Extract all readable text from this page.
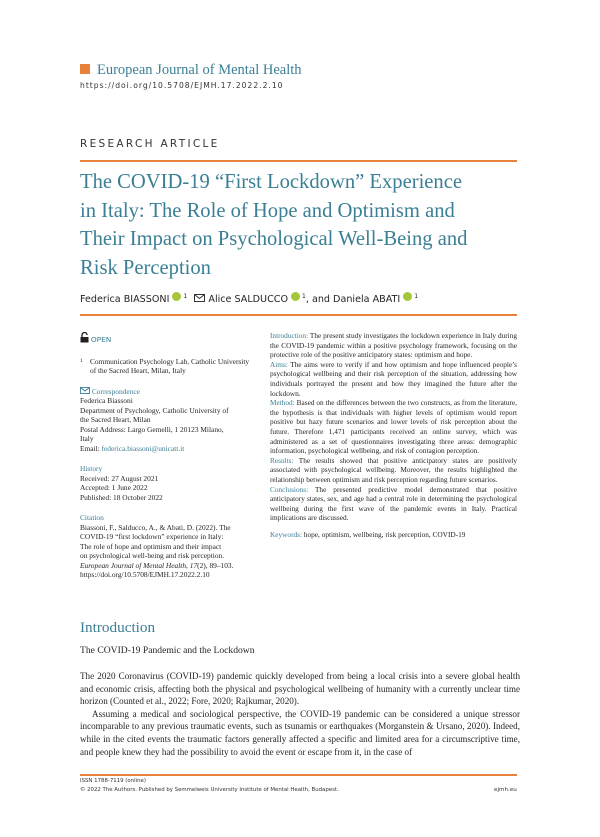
European Journal of Mental Health
https://doi.org/10.5708/EJMH.17.2022.2.10
RESEARCH ARTICLE
The COVID-19 “First Lockdown” Experience
in Italy: The Role of Hope and Optimism and
Their Impact on Psychological Well-Being and
Risk Perception
Federica BIASSONI $^1$ Alice SALDUCCO $^1$, and Daniela ABATI $^1$
OPEN
1 Communication Psychology Lab, Catholic University of the Sacred Heart, Milan, Italy
Correspondence
Federica Biassoni
Department of Psychology, Catholic University of
the Sacred Heart, Milan
Postal Address: Largo Gemelli, 1 20123 Milano,
Italy
Email: federica.biassoni@unicatt.it
History
Received: 27 August 2021
Accepted: 1 June 2022
Published: 18 October 2022
Citation
Biassoni, F., Salducco, A., & Abati, D. (2022). The
COVID-19 “first lockdown” experience in Italy:
The role of hope and optimism and their impact
on psychological well-being and risk perception.
European Journal of Mental Health, 17(2), 89–103.
https://doi.org/10.5708/EJMH.17.2022.2.10

Introduction: The present study investigates the lockdown experience in Italy during the COVID-19 pandemic within a positive psychology framework, focusing on the protective role of the positive anticipatory states: optimism and hope.

Aims: The aims were to verify if and how optimism and hope influenced people’s psychological wellbeing and their risk perception of the situation, addressing how individuals portrayed the present and how they imagined the future after the lockdown.

Method: Based on the differences between the two constructs, as from the literature, the hypothesis is that individuals with higher levels of optimism would report positive but hazy future scenarios and lower levels of risk perception about the future. Therefore 1,471 participants received an online survey, which was administered as a set of questionnaires investigating three areas: demographic information, psychological wellbeing, and risk of contagion perception.

Results: The results showed that positive anticipatory states are positively associated with psychological wellbeing. Moreover, the results highlighted the relationship between optimism and risk perception regarding future scenarios.

Conclusions: The presented predictive model demonstrated that positive anticipatory states, sex, and age had a central role in determining the psychological wellbeing during the first wave of the pandemic events in Italy. Practical implications are discussed.

Keywords: hope, optimism, wellbeing, risk perception, COVID-19

Introduction
The COVID-19 Pandemic and the Lockdown

The 2020 Coronavirus (COVID-19) pandemic quickly developed from being a local crisis into a severe global health and economic crisis, affecting both the physical and psychological wellbeing of humanity with a currently unclear time horizon (Counted et al., 2022; Fore, 2020; Rajkumar, 2020).

Assuming a medical and sociological perspective, the COVID-19 pandemic can be considered a unique stressor incomparable to any previous traumatic events, such as tsunamis or earthquakes (Morganstein & Ursano, 2020). Indeed, while in the cited events the traumatic factors generally affected a specific and limited area for a circumscriptive time, and people knew they had the possibility to avoid the event or escape from it, in the case of

ISSN 1788-7119 (online)
© 2022 The Authors. Published by Semmelweis University Institute of Mental Health, Budapest.	ejmh.eu
